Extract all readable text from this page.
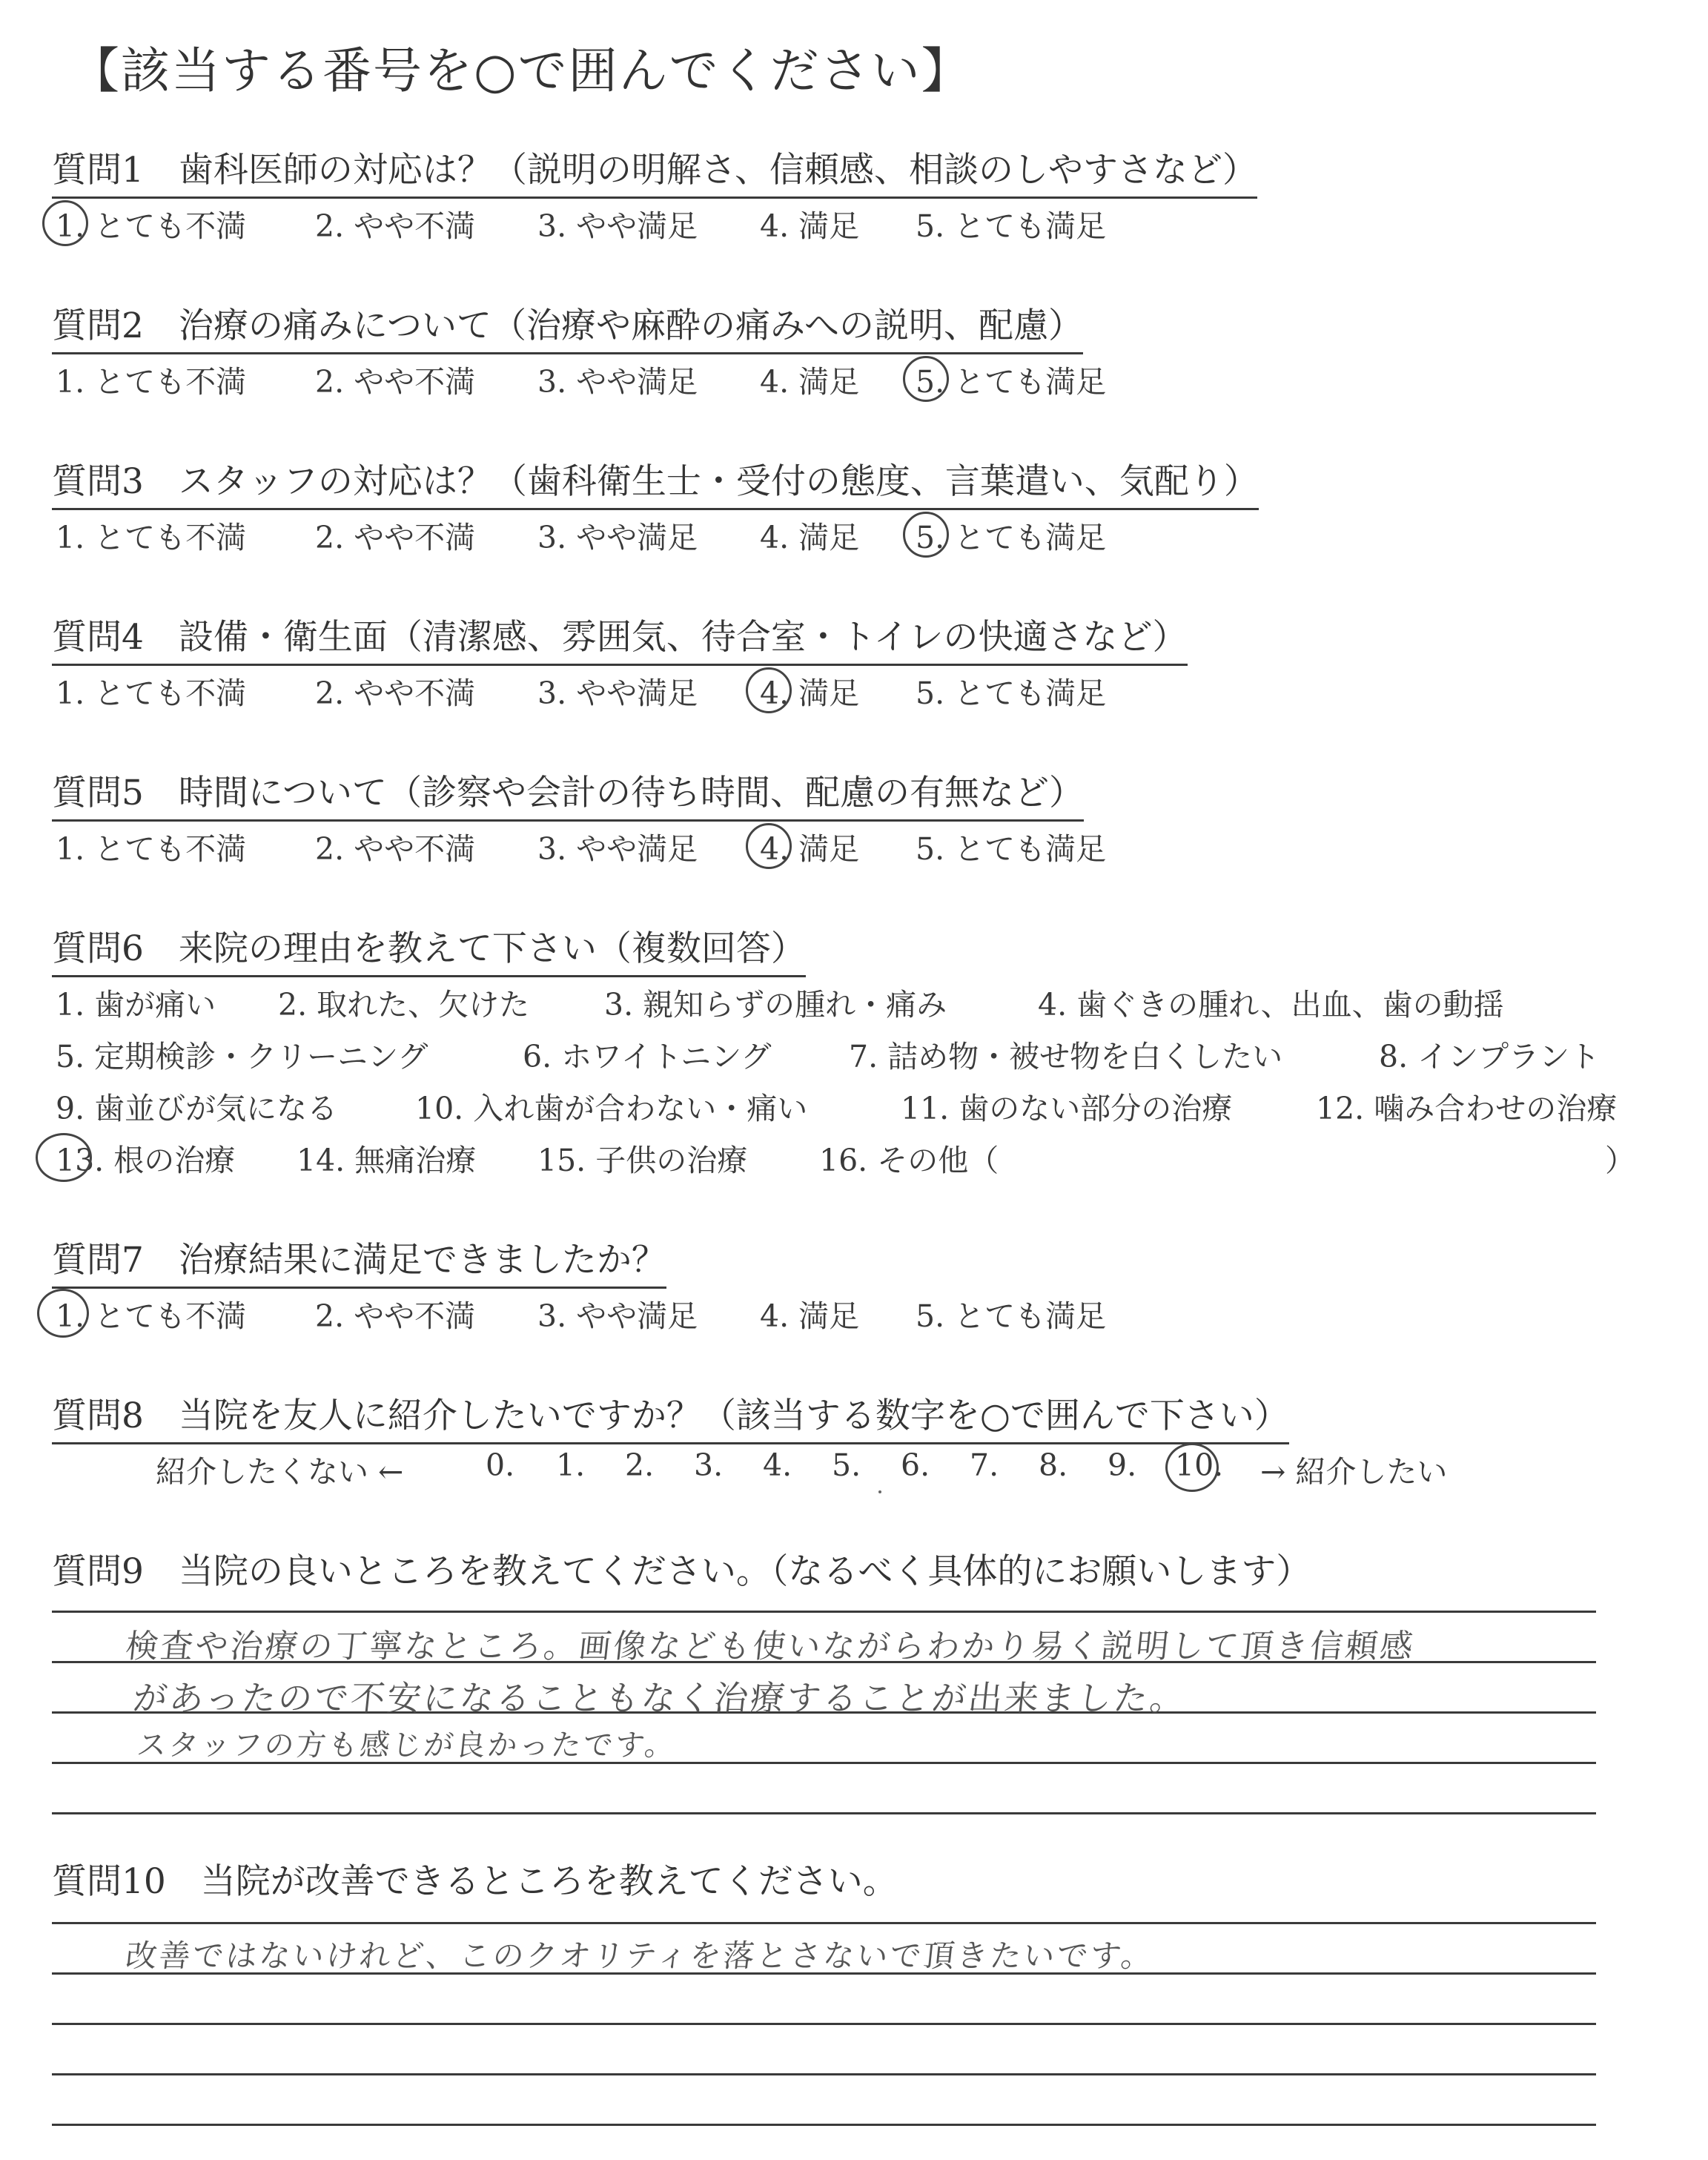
【該当する番号を○で囲んでください】
質問1　歯科医師の対応は？（説明の明解さ、信頼感、相談のしやすさなど）
1. とても不満 2. やや不満 3. やや満足 4. 満足 5. とても満足
質問2　治療の痛みについて（治療や麻酔の痛みへの説明、配慮）
1. とても不満 2. やや不満 3. やや満足 4. 満足 5. とても満足
質問3　スタッフの対応は？（歯科衛生士・受付の態度、言葉遣い、気配り）
1. とても不満 2. やや不満 3. やや満足 4. 満足 5. とても満足
質問4　設備・衛生面（清潔感、雰囲気、待合室・トイレの快適さなど）
1. とても不満 2. やや不満 3. やや満足 4. 満足 5. とても満足
質問5　時間について（診察や会計の待ち時間、配慮の有無など）
1. とても不満 2. やや不満 3. やや満足 4. 満足 5. とても満足
質問6　来院の理由を教えて下さい（複数回答）
1. 歯が痛い 2. 取れた、欠けた 3. 親知らずの腫れ・痛み	4. 歯ぐきの腫れ、出血、歯の動揺
5. 定期検診・クリーニング	6. ホワイトニング	7. 詰め物・被せ物を白くしたい	8. インプラント
9. 歯並びが気になる	10. 入れ歯が合わない・痛い	11. 歯のない部分の治療	12. 噛み合わせの治療
13. 根の治療 14. 無痛治療 15. 子供の治療 16. その他（	）
質問7　治療結果に満足できましたか？
1. とても不満 2. やや不満 3. やや満足 4. 満足 5. とても満足
質問8　当院を友人に紹介したいですか？（該当する数字を○で囲んで下さい）
紹介したくない ←	0. 1. 2. 3. 4. 5. 6. 7. 8. 9. 10. → 紹介したい
質問9　当院の良いところを教えてください。（なるべく具体的にお願いします）
検査や治療の丁寧なところ。画像なども使いながらわかり易く説明して頂き信頼感
があったので不安になることもなく治療することが出来ました。
スタッフの方も感じが良かったです。
質問10　当院が改善できるところを教えてください。
改善ではないけれど、このクオリティを落とさないで頂きたいです。
